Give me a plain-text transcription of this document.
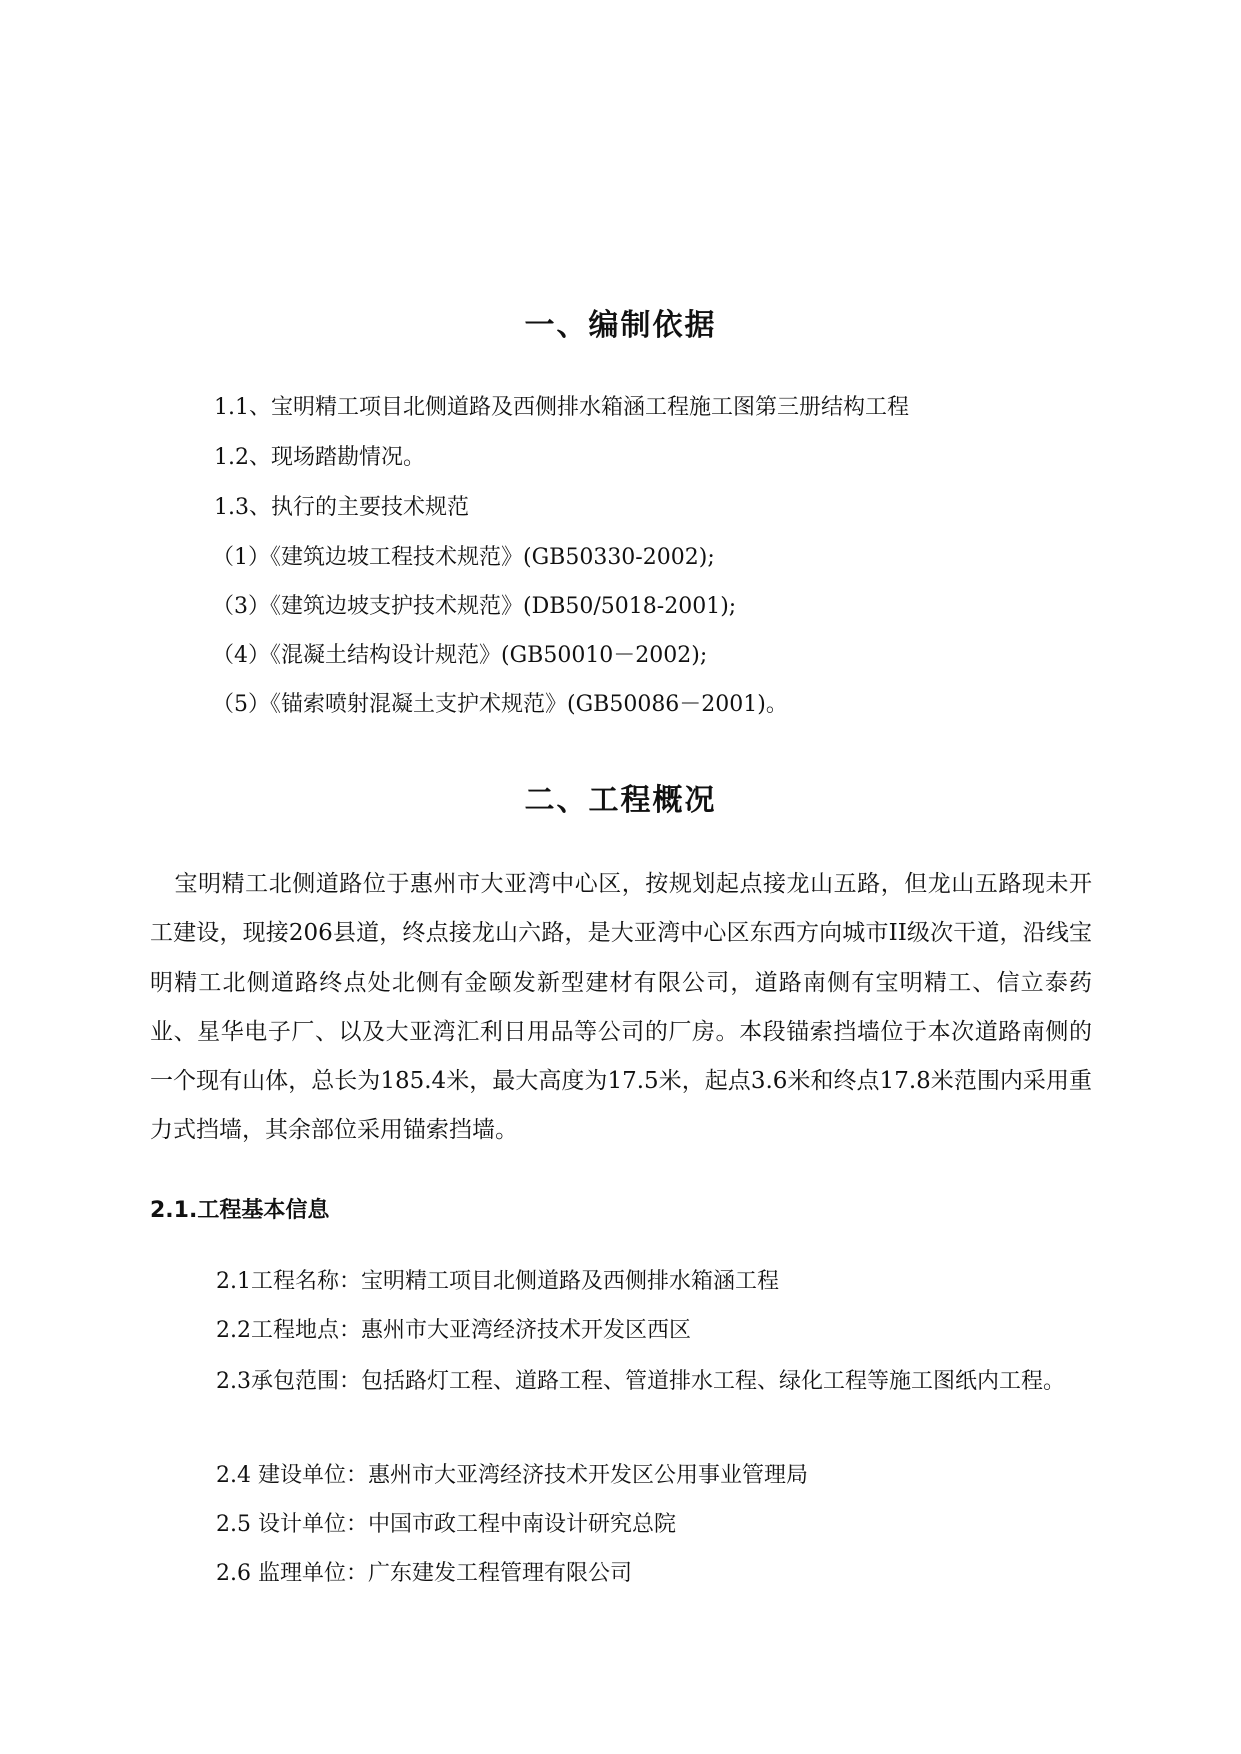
一、编制依据
1.1、宝明精工项目北侧道路及西侧排水箱涵工程施工图第三册结构工程
1.2、现场踏勘情况。
1.3、执行的主要技术规范
（1）《建筑边坡工程技术规范》(GB50330-2002);
（3）《建筑边坡支护技术规范》(DB50/5018-2001);
（4）《混凝土结构设计规范》(GB50010－2002);
（5）《锚索喷射混凝土支护术规范》(GB50086－2001)。
二、工程概况
宝明精工北侧道路位于惠州市大亚湾中心区，按规划起点接龙山五路，但龙山五路现未开工建设，现接206县道，终点接龙山六路，是大亚湾中心区东西方向城市II级次干道，沿线宝明精工北侧道路终点处北侧有金颐发新型建材有限公司，道路南侧有宝明精工、信立泰药业、星华电子厂、以及大亚湾汇利日用品等公司的厂房。本段锚索挡墙位于本次道路南侧的一个现有山体，总长为185.4米，最大高度为17.5米，起点3.6米和终点17.8米范围内采用重力式挡墙，其余部位采用锚索挡墙。
2.1.工程基本信息
2.1工程名称：宝明精工项目北侧道路及西侧排水箱涵工程
2.2工程地点：惠州市大亚湾经济技术开发区西区
2.3承包范围：包括路灯工程、道路工程、管道排水工程、绿化工程等施工图纸内工程。
2.4 建设单位：惠州市大亚湾经济技术开发区公用事业管理局
2.5 设计单位：中国市政工程中南设计研究总院
2.6 监理单位：广东建发工程管理有限公司
